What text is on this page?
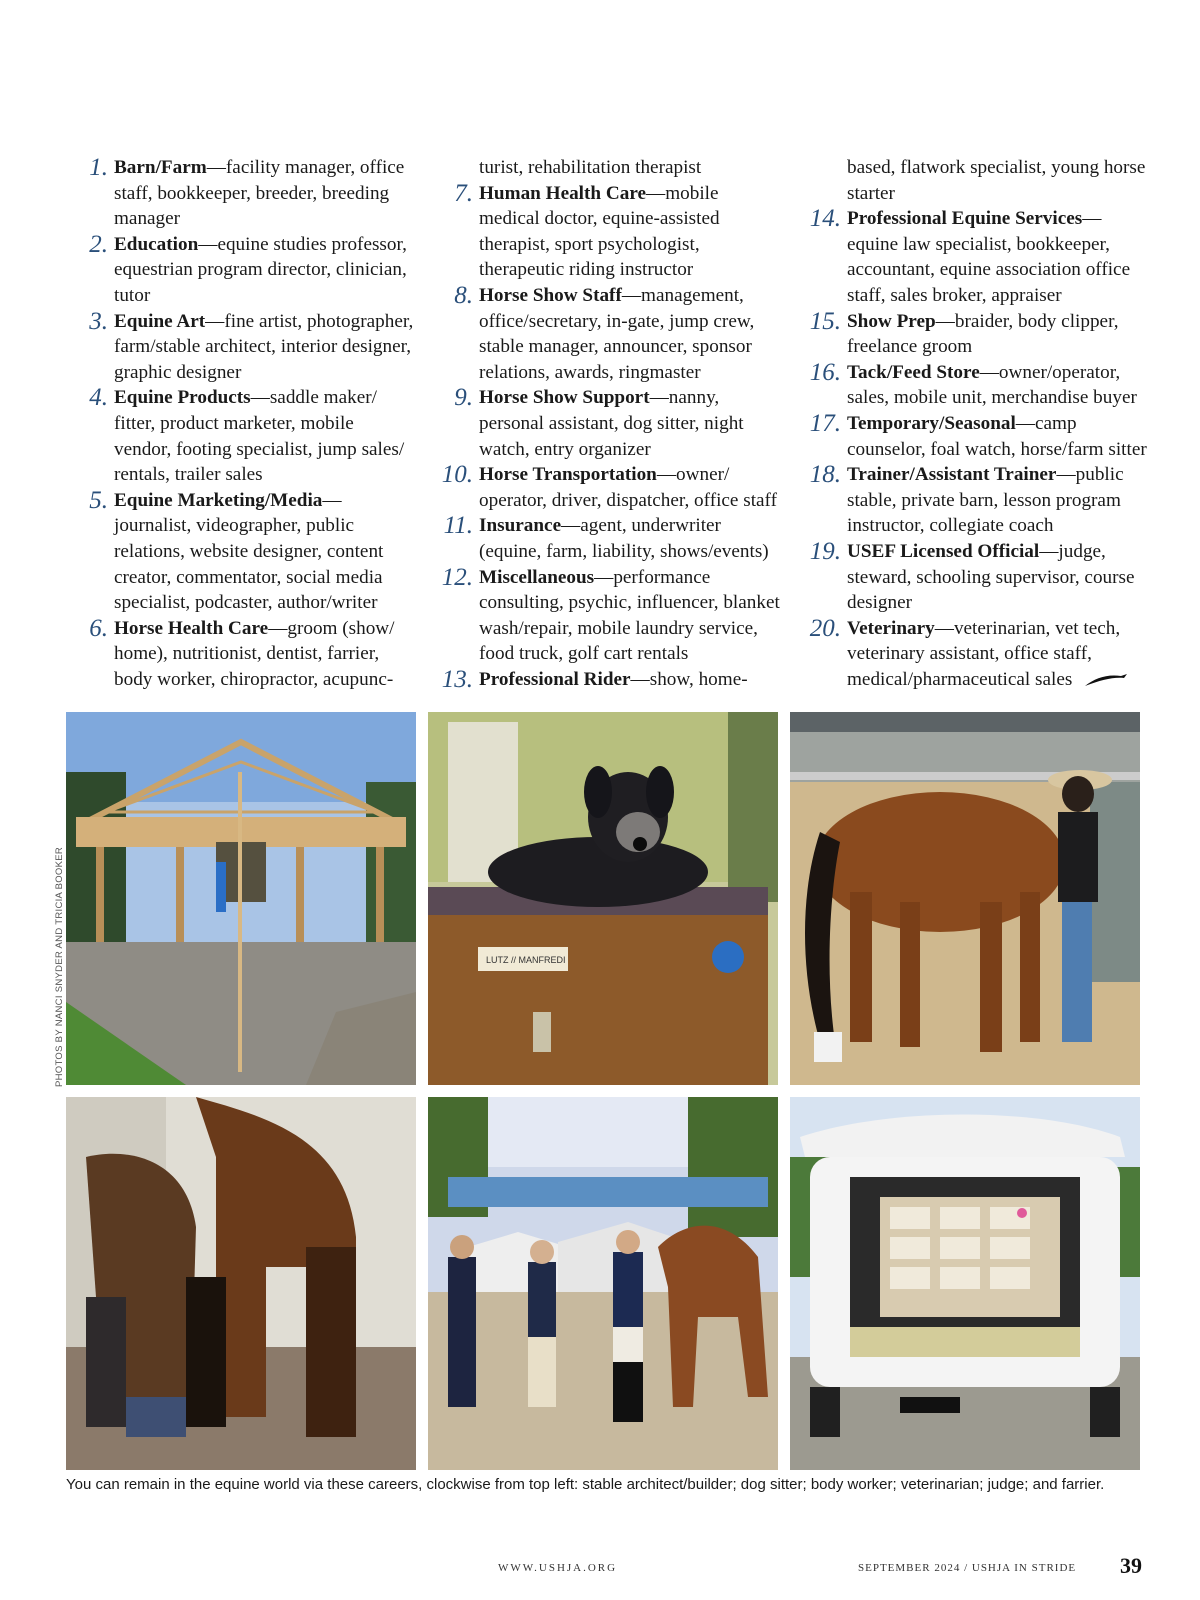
1. Barn/Farm—facility manager, office staff, bookkeeper, breeder, breeding manager
2. Education—equine studies professor, equestrian program director, clinician, tutor
3. Equine Art—fine artist, photographer, farm/stable architect, interior designer, graphic designer
4. Equine Products—saddle maker/ fitter, product marketer, mobile vendor, footing specialist, jump sales/ rentals, trailer sales
5. Equine Marketing/Media—journalist, videographer, public relations, website designer, content creator, commentator, social media specialist, podcaster, author/writer
6. Horse Health Care—groom (show/ home), nutritionist, dentist, farrier, body worker, chiropractor, acupunc-
turist, rehabilitation therapist
7. Human Health Care—mobile medical doctor, equine-assisted therapist, sport psychologist, therapeutic riding instructor
8. Horse Show Staff—management, office/secretary, in-gate, jump crew, stable manager, announcer, sponsor relations, awards, ringmaster
9. Horse Show Support—nanny, personal assistant, dog sitter, night watch, entry organizer
10. Horse Transportation—owner/ operator, driver, dispatcher, office staff
11. Insurance—agent, underwriter (equine, farm, liability, shows/events)
12. Miscellaneous—performance consulting, psychic, influencer, blanket wash/repair, mobile laundry service, food truck, golf cart rentals
13. Professional Rider—show, home-
based, flatwork specialist, young horse starter
14. Professional Equine Services— equine law specialist, bookkeeper, accountant, equine association office staff, sales broker, appraiser
15. Show Prep—braider, body clipper, freelance groom
16. Tack/Feed Store—owner/operator, sales, mobile unit, merchandise buyer
17. Temporary/Seasonal—camp counselor, foal watch, horse/farm sitter
18. Trainer/Assistant Trainer—public stable, private barn, lesson program instructor, collegiate coach
19. USEF Licensed Official—judge, steward, schooling supervisor, course designer
20. Veterinary—veterinarian, vet tech, veterinary assistant, office staff, medical/pharmaceutical sales
PHOTOS BY NANCI SNYDER AND TRICIA BOOKER	LUTZ // MANFREDI
You can remain in the equine world via these careers, clockwise from top left: stable architect/builder; dog sitter; body worker; veterinarian; judge; and farrier.
WWW.USHJA.ORG	SEPTEMBER 2024 / USHJA IN STRIDE 39
